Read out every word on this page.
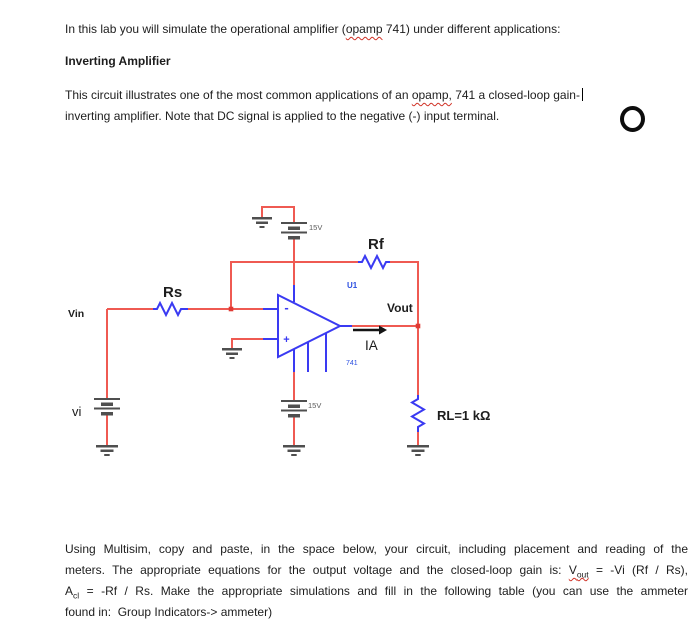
In this lab you will simulate the operational amplifier (opamp 741) under different applications:
Inverting Amplifier
This circuit illustrates one of the most common applications of an opamp, 741 a closed-loop gain-
inverting amplifier. Note that DC signal is applied to the negative (-) input terminal.
-
+
U1
741
15V
15V
Vin
Rs
Rf
Vout
IA
RL=1 kΩ
vi
Using Multisim, copy and paste, in the space below, your circuit, including placement and reading of the
meters. The appropriate equations for the output voltage and the closed-loop gain is: $V_{out} = -Vi$ (Rf / Rs),
$A_{cl} = -Rf / Rs$. Make the appropriate simulations and fill in the following table (you can use the ammeter
found in:  Group Indicators-> ammeter)
